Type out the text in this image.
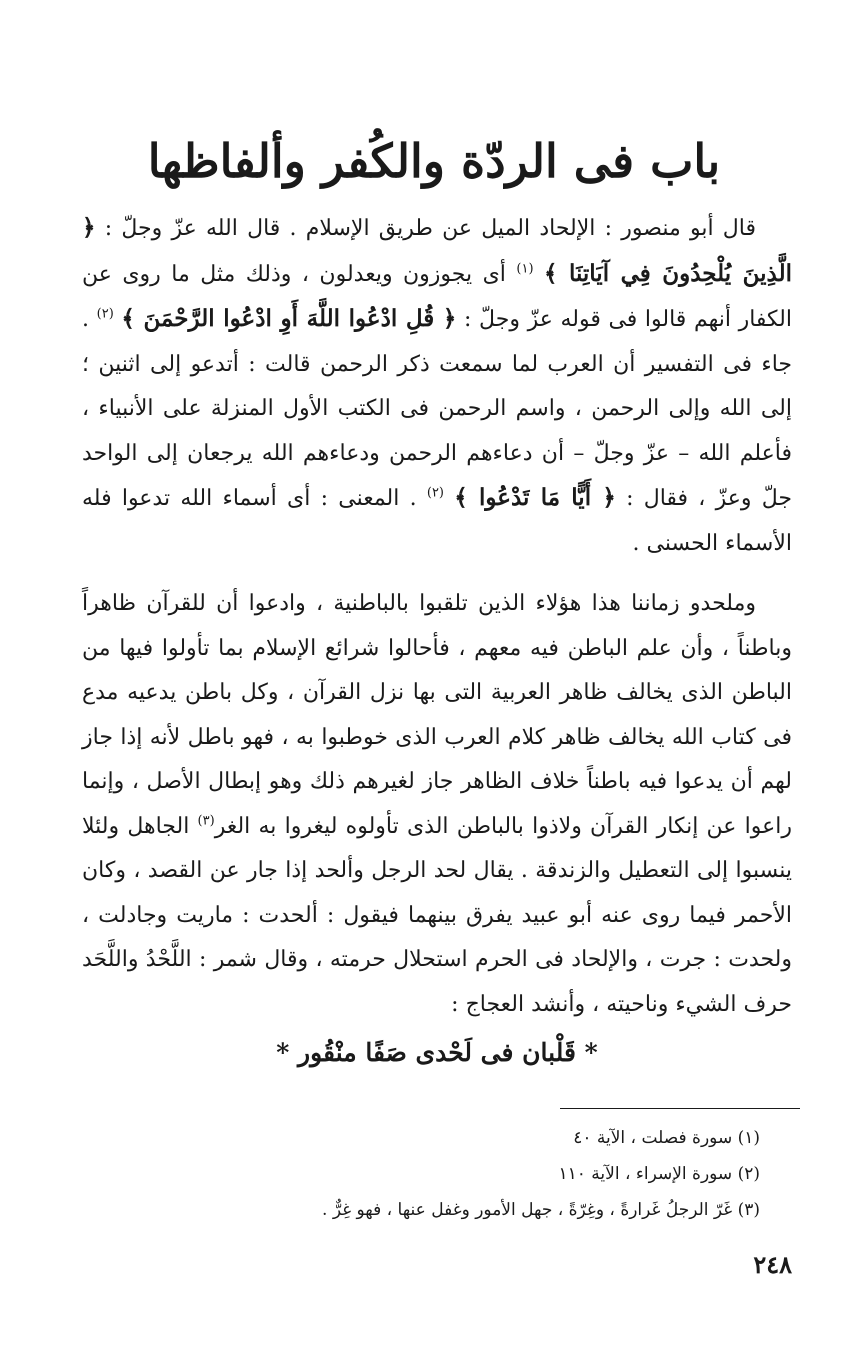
باب فى الردّة والكُفر وألفاظها

قال أبو منصور : الإلحاد الميل عن طريق الإسلام . قال الله عزّ وجلّ : ﴿ الَّذِينَ يُلْحِدُونَ فِي آيَاتِنَا ﴾ $^{(١)}$ أى يجوزون ويعدلون ، وذلك مثل ما روى عن الكفار أنهم قالوا فى قوله عزّ وجلّ : ﴿ قُلِ ادْعُوا اللَّهَ أَوِ ادْعُوا الرَّحْمَنَ ﴾ $^{(٢)}$ . جاء فى التفسير أن العرب لما سمعت ذكر الرحمن قالت : أتدعو إلى اثنين ؛ إلى الله وإلى الرحمن ، واسم الرحمن فى الكتب الأول المنزلة على الأنبياء ، فأعلم الله – عزّ وجلّ – أن دعاءهم الرحمن ودعاءهم الله يرجعان إلى الواحد جلّ وعزّ ، فقال : ﴿ أَيًّا مَا تَدْعُوا ﴾ $^{(٢)}$ . المعنى : أى أسماء الله تدعوا فله الأسماء الحسنى .

وملحدو زماننا هذا هؤلاء الذين تلقبوا بالباطنية ، وادعوا أن للقرآن ظاهراً وباطناً ، وأن علم الباطن فيه معهم ، فأحالوا شرائع الإسلام بما تأولوا فيها من الباطن الذى يخالف ظاهر العربية التى بها نزل القرآن ، وكل باطن يدعيه مدع فى كتاب الله يخالف ظاهر كلام العرب الذى خوطبوا به ، فهو باطل لأنه إذا جاز لهم أن يدعوا فيه باطناً خلاف الظاهر جاز لغيرهم ذلك وهو إبطال الأصل ، وإنما راعوا عن إنكار القرآن ولاذوا بالباطن الذى تأولوه ليغروا به الغر$^{(٣)}$ الجاهل ولئلا ينسبوا إلى التعطيل والزندقة . يقال لحد الرجل وألحد إذا جار عن القصد ، وكان الأحمر فيما روى عنه أبو عبيد يفرق بينهما فيقول : ألحدت : ماريت وجادلت ، ولحدت : جرت ، والإلحاد فى الحرم استحلال حرمته ، وقال شمر : اللَّحْدُ واللَّحَد حرف الشيء وناحيته ، وأنشد العجاج :

* قَلْبان فى لَحْدى صَفًا منْقُور *

(١) سورة فصلت ، الآية ٤٠

(٢) سورة الإسراء ، الآية ١١٠

(٣) غَرّ الرجلُ غَرارةً ، وغِرّةً ، جهل الأمور وغفل عنها ، فهو غِرٌّ .

٢٤٨
